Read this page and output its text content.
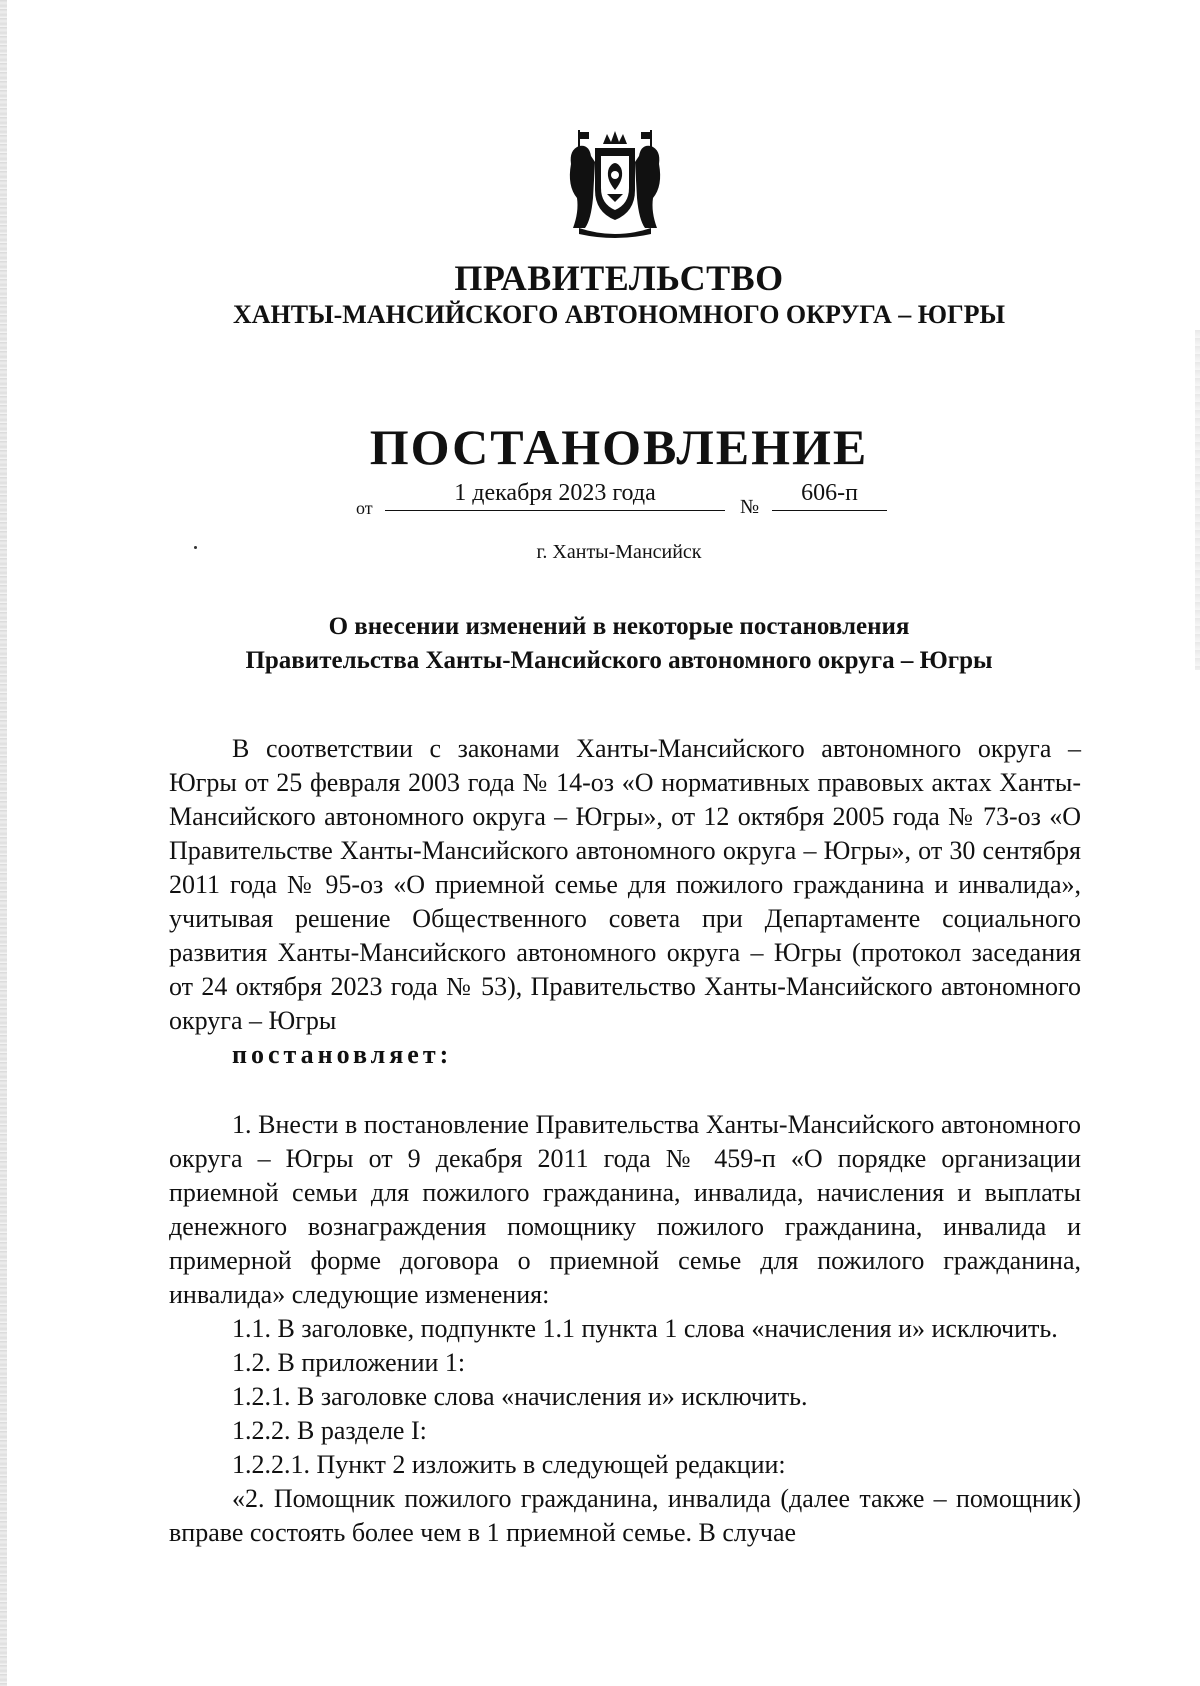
ПРАВИТЕЛЬСТВО
ХАНТЫ-МАНСИЙСКОГО АВТОНОМНОГО ОКРУГА – ЮГРЫ
ПОСТАНОВЛЕНИЕ
от
1 декабря 2023 года
№
606-п
г. Ханты-Мансийск
О внесении изменений в некоторые постановления
Правительства Ханты-Мансийского автономного округа – Югры

В соответствии с законами Ханты-Мансийского автономного округа – Югры от 25 февраля 2003 года № 14-оз «О нормативных правовых актах Ханты-Мансийского автономного округа – Югры», от 12 октября 2005 года № 73-оз «О Правительстве Ханты-Мансийского автономного округа – Югры», от 30 сентября 2011 года № 95-оз «О приемной семье для пожилого гражданина и инвалида», учитывая решение Общественного совета при Департаменте социального развития Ханты-Мансийского автономного округа – Югры (протокол заседания от 24 октября 2023 года № 53), Правительство Ханты-Мансийского автономного округа – Югры

постановляет:

1. Внести в постановление Правительства Ханты-Мансийского автономного округа – Югры от 9 декабря 2011 года № 459-п «О порядке организации приемной семьи для пожилого гражданина, инвалида, начисления и выплаты денежного вознаграждения помощнику пожилого гражданина, инвалида и примерной форме договора о приемной семье для пожилого гражданина, инвалида» следующие изменения:

1.1. В заголовке, подпункте 1.1 пункта 1 слова «начисления и» исключить.

1.2. В приложении 1:

1.2.1. В заголовке слова «начисления и» исключить.

1.2.2. В разделе I:

1.2.2.1. Пункт 2 изложить в следующей редакции:

«2. Помощник пожилого гражданина, инвалида (далее также – помощник) вправе состоять более чем в 1 приемной семье. В случае
